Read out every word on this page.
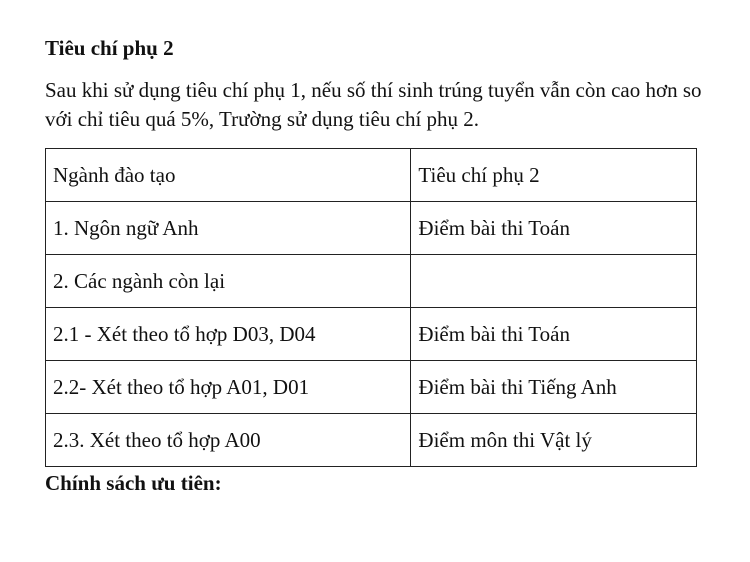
Tiêu chí phụ 2
Sau khi sử dụng tiêu chí phụ 1, nếu số thí sinh trúng tuyển vẫn còn cao hơn so với chỉ tiêu quá 5%, Trường sử dụng tiêu chí phụ 2.
Ngành đào tạo	Tiêu chí phụ 2
1. Ngôn ngữ Anh	Điểm bài thi Toán
2. Các ngành còn lại	
2.1 - Xét theo tổ hợp D03, D04	Điểm bài thi Toán
2.2- Xét theo tổ hợp A01, D01	Điểm bài thi Tiếng Anh
2.3. Xét theo tổ hợp A00	Điểm môn thi Vật lý
Chính sách ưu tiên:
